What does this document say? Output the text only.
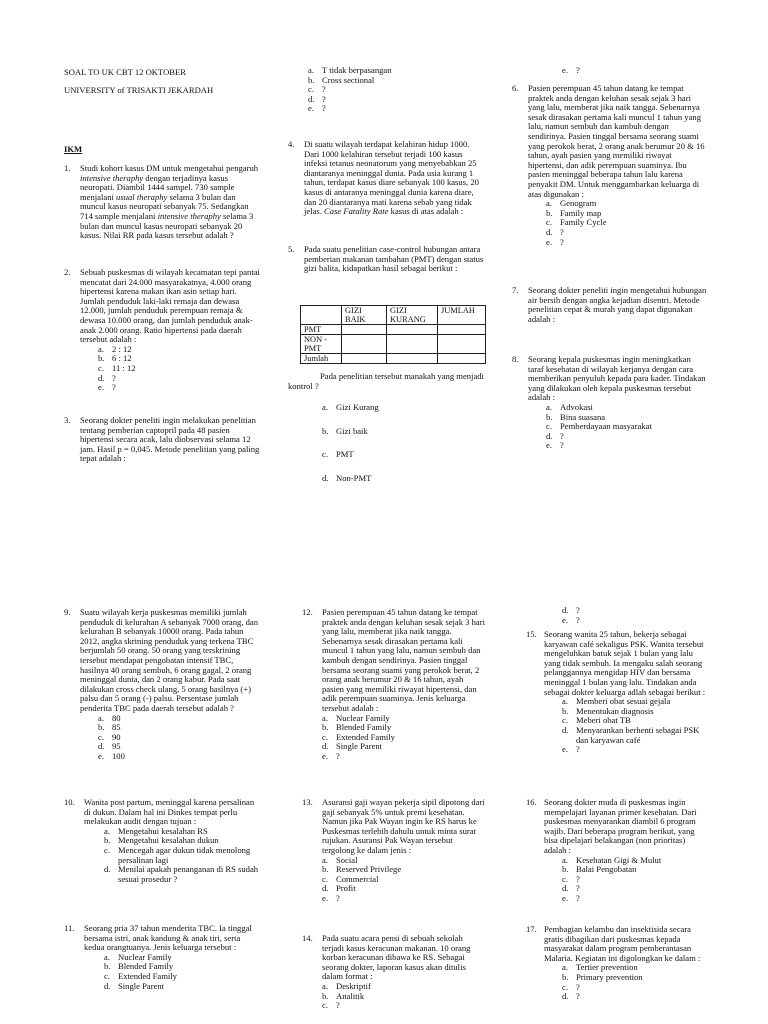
SOAL TO UK CBT 12 OKTOBER
UNIVERSITY of TRISAKTI JEKARDAH
IKM
1. Studi kohort kasus DM untuk mengetahui pengaruh intensive theraphy dengan terjadinya kasus neuropati. Diambil 1444 sampel. 730 sample menjalani usual theraphy selama 3 bulan dan muncul kasus neuropati sebanyak 75. Sedangkan 714 sample menjalani intensive theraphy selama 3 bulan dan muncul kasus neuropati sebanyak 20 kasus. Nilai RR pada kasus tersebut adalah ?
2. Sebuah puskesmas di wilayah kecamatan tepi pantai mencatat dari 24.000 masyarakatnya, 4.000 orang hipertensi karena makan ikan asin setiap hari. Jumlah penduduk laki-laki remaja dan dewasa 12.000, jumlah penduduk perempuan remaja & dewasa 10.000 orang, dan jumlah penduduk anak-anak 2.000 orang. Ratio hipertensi pada daerah tersebut adalah :
a. 2 : 12
b. 6 : 12
c. 11 : 12
d. ?
e. ?
3. Seorang dokter peneliti ingin melakukan penelitian tentang pemberian captopril pada 48 pasien hipertensi secara acak, lalu diobservasi selama 12 jam. Hasil p = 0,045. Metode penelitian yang paling tepat adalah :
a. T tidak berpasangan
b. Cross sectional
c. ?
d. ?
e. ?
4. Di suatu wilayah terdapat kelahiran hidup 1000. Dari 1000 kelahiran tersebut terjadi 100 kasus infeksi tetanus neonatorum yang menyebabkan 25 diantaranya meninggal dunia. Pada usia kurang 1 tahun, terdapat kasus diare sebanyak 100 kasus, 20 kasus di antaranya meninggal dunia karena diare, dan 20 diantaranya mati karena sebab yang tidak jelas. Case Fatality Rate kasus di atas adalah :
5. Pada suatu penelitian case-control hubungan antara pemberian makanan tambahan (PMT) dengan status gizi balita, kidapatkan hasil sebagai berikut :
	GIZI BAIK	GIZI KURANG	JUMLAH
PMT			
NON - PMT			
Jumlah			
Pada penelitian tersebut manakah yang menjadi kontrol ?
a. Gizi Kurang
b. Gizi baik
c. PMT
d. Non-PMT
e. ?
6. Pasien perempuan 45 tahun datang ke tempat praktek anda dengan keluhan sesak sejak 3 hari yang lalu, memberat jika naik tangga. Sebenarnya sesak dirasakan pertama kali muncul 1 tahun yang lalu, namun sembuh dan kambuh dengan sendirinya. Pasien tinggal bersama seorang suami yang perokok berat, 2 orang anak berumur 20 & 16 tahun, ayah pasien yang memiliki riwayat hipertensi, dan adik perempuan suaminya. Ibu pasien meninggal beberapa tahun lalu karena penyakit DM. Untuk menggambarkan keluarga di atas digunakan :
a. Genogram
b. Family map
c. Family Cycle
d. ?
e. ?
7. Seorang dokter peneliti ingin mengetahui hubungan air bersih dengan angka kejadian disentri. Metode penelitian cepat & murah yang dapat digunakan adalah :
8. Seorang kepala puskesmas ingin meningkatkan taraf kesehatan di wilayah kerjanya dengan cara memberikan penyuluh kepada para kader. Tindakan yang dilakukan oleh kepala puskesmas tersebut adalah :
a. Advokasi
b. Bina suasana
c. Pemberdayaan masyarakat
d. ?
e. ?
9. Suatu wilayah kerja puskesmas memiliki jumlah penduduk di kelurahan A sebanyak 7000 orang, dan kelurahan B sebanyak 10000 orang. Pada tahun 2012, angka skrining penduduk yang terkena TBC berjumlah 50 orang. 50 orang yang terskrining tersebut mendapat pengobatan intensif TBC, hasilnya 40 orang sembuh, 6 orang gagal, 2 orang meninggal dunia, dan 2 orang kabur. Pada saat dilakukan cross check ulang, 5 orang hasilnya (+) palsu dan 5 orang (-) palsu. Persentase jumlah penderita TBC pada daerah tersebut adalah ?
a. 80
b. 85
c. 90
d. 95
e. 100
10. Wanita post partum, meninggal karena persalinan di dukun. Dalam hal ini Dinkes tempat perlu melakukan audit dengan tujuan :
a. Mengetahui kesalahan RS
b. Mengetahui kesalahan dukun
c. Mencegah agar dukun tidak menolong persalinan lagi
d. Menilai apakah penanganan di RS sudah sesuai prosedur ?
11. Seorang pria 37 tahun menderita TBC. Ia tinggal bersama istri, anak kandung & anak tiri, serta kedua orangtuanya. Jenis keluarga tersebut :
a. Nuclear Family
b. Blended Family
c. Extended Family
d. Single Parent
12. Pasien perempuan 45 tahun datang ke tempat praktek anda dengan keluhan sesak sejak 3 hari yang lalu, memberat jika naik tangga. Sebenarnya sesak dirasakan pertama kali muncul 1 tahun yang lalu, namun sembuh dan kambuh dengan sendirinya. Pasien tinggal bersama seorang suami yang perokok berat, 2 orang anak berumur 20 & 16 tahun, ayah pasien yang memiliki riwayat hipertensi, dan adik perempuan suaminya. Jenis keluarga tersebut adalah :
a. Nuclear Family
b. Blended Family
c. Extended Family
d. Single Parent
e. ?
13. Asuransi gaji wayan pekerja sipil dipotong dari gaji sebanyak 5% untuk premi kesehatan. Namun jika Pak Wayan ingin ke RS harus ke Puskesmas terlebih dahulu untuk minta surat rujukan. Asuransi Pak Wayan tersebut tergolong ke dalam jenis :
a. Social
b. Reserved Privilege
c. Commercial
d. Profit
e. ?
14. Pada suatu acara pensi di sebuah sekolah terjadi kasus keracunan makanan. 10 orang korban keracunan dibawa ke RS. Sebagai seorang dokter, laporan kasus akan ditulis dalam format :
a. Deskriptif
b. Analitik
c. ?
d. ?
e. ?
15. Seorang wanita 25 tahun, bekerja sebagai karyawan café sekaligus PSK. Wanita tersebut mengeluhkan batuk sejak 1 bulan yang lalu yang tidak sembuh. Ia mengaku salah seorang pelanggannya mengidap HIV dan bersama meninggal 1 bulan yang lalu. Tindakan anda sebagai dokter keluarga adlah sebagai berikut :
a. Memberi obat sesuai gejala
b. Menentukan diagnosis
c. Meberi obat TB
d. Menyarankan berhenti sebagai PSK dan karyawan café
e. ?
16. Seorang dokter muda di puskesmas ingin mempelajari layanan primer kesehatan. Dari puskesmas menyarankan diambil 6 program wajib. Dari beberapa program berikut, yang bisa dipelajari belakangan (non prioritas) adalah :
a. Kesehatan Gigi & Mulut
b. Balai Pengobatan
c. ?
d. ?
e. ?
17. Pembagian kelambu dan insektisida secara gratis dibagikan dari puskesmas kepada masyarakat dalam program pemberantasan Malaria. Kegiatan ini digolongkan ke dalam :
a. Tertier prevention
b. Primary prevention
c. ?
d. ?
